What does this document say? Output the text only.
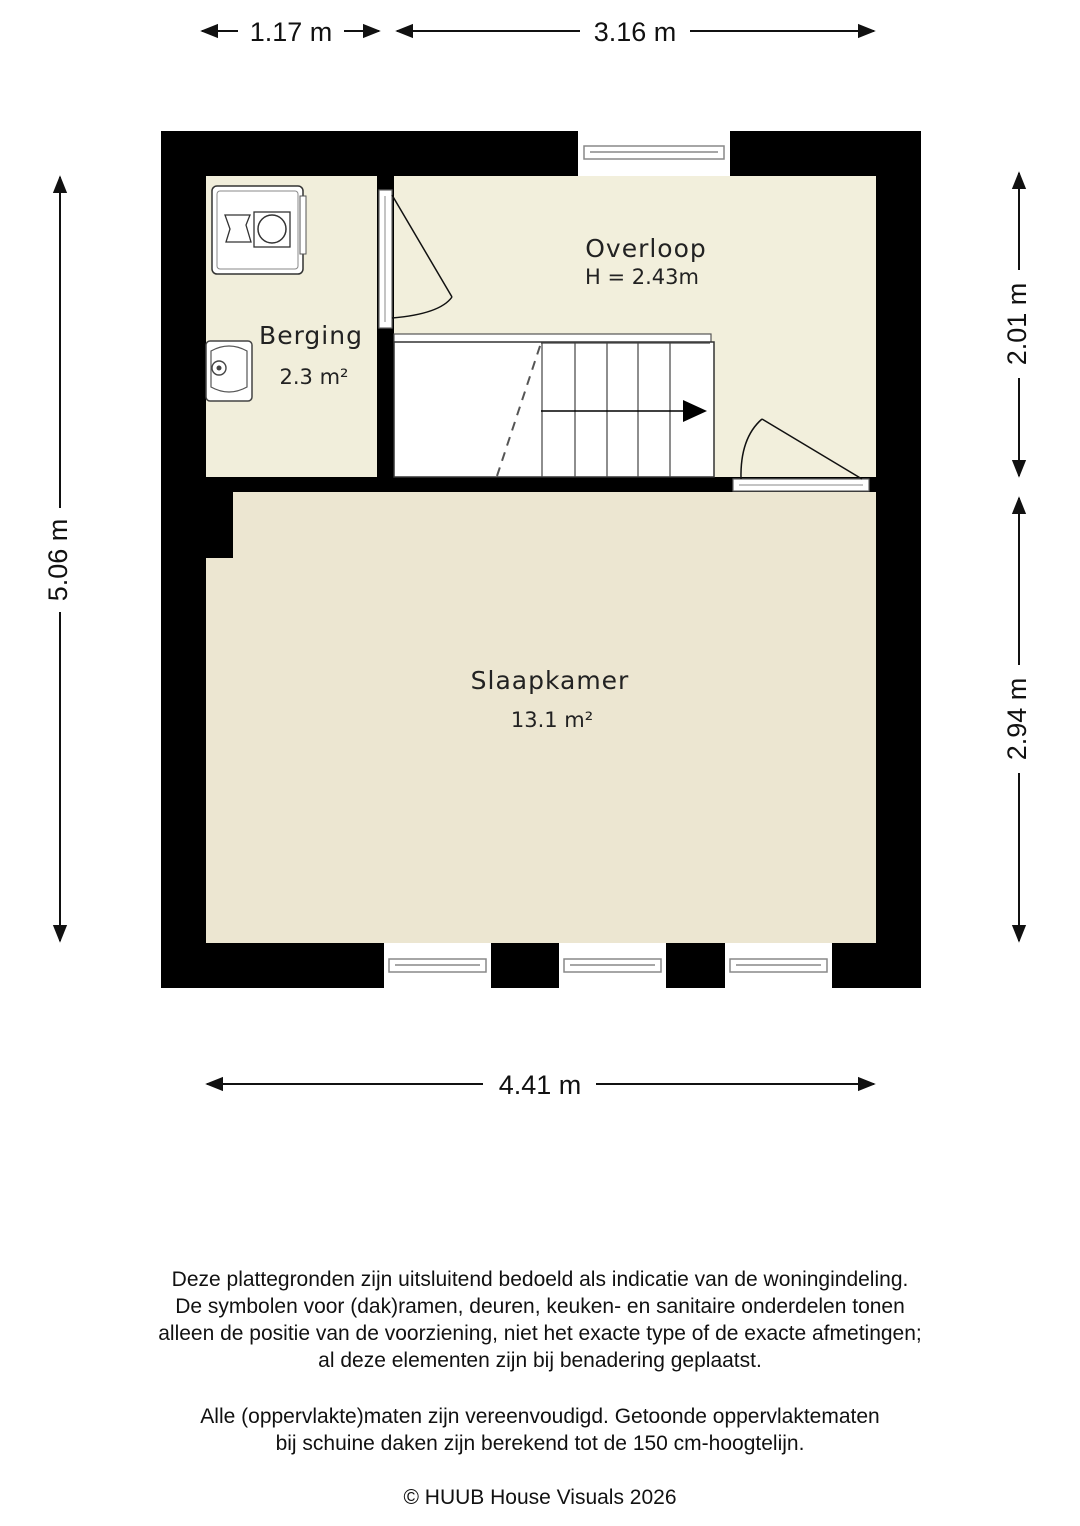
1.17 m	3.16 m
5.06 m
2.01 m
2.94 m
4.41 m
Overloop
H = 2.43m
Berging
2.3 m²
Slaapkamer
13.1 m²

Deze plattegronden zijn uitsluitend bedoeld als indicatie van de woningindeling.

De symbolen voor (dak)ramen, deuren, keuken- en sanitaire onderdelen tonen

alleen de positie van de voorziening, niet het exacte type of de exacte afmetingen;

al deze elementen zijn bij benadering geplaatst.

Alle (oppervlakte)maten zijn vereenvoudigd. Getoonde oppervlaktematen

bij schuine daken zijn berekend tot de 150 cm-hoogtelijn.

© HUUB House Visuals 2026
